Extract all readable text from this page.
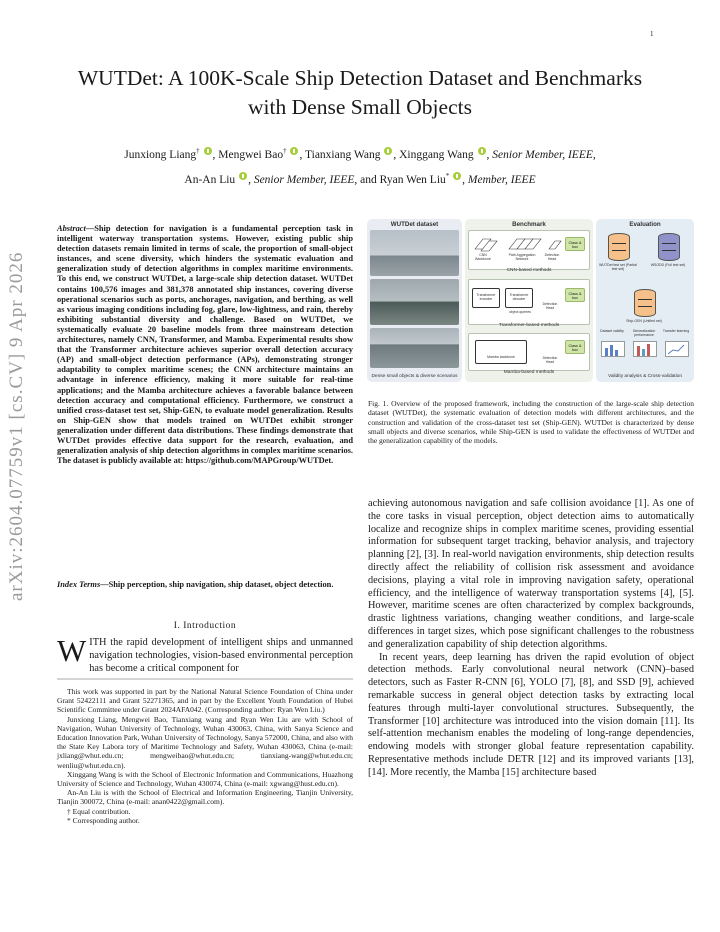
1
arXiv:2604.07759v1 [cs.CV] 9 Apr 2026
WUTDet: A 100K-Scale Ship Detection Dataset and Benchmarks
with Dense Small Objects
Junxiong Liang† , Mengwei Bao† , Tianxiang Wang , Xinggang Wang , Senior Member, IEEE,
An-An Liu , Senior Member, IEEE, and Ryan Wen Liu* , Member, IEEE
Abstract—Ship detection for navigation is a fundamental perception task in intelligent waterway transportation systems. However, existing public ship detection datasets remain limited in terms of scale, the proportion of small-object instances, and scene diversity, which hinders the systematic evaluation and generalization study of detection algorithms in complex maritime environments. To this end, we construct WUTDet, a large-scale ship detection dataset. WUTDet contains 100,576 images and 381,378 annotated ship instances, covering diverse operational scenarios such as ports, anchorages, navigation, and berthing, as well as various imaging conditions including fog, glare, low-lightness, and rain, thereby exhibiting substantial diversity and challenge. Based on WUTDet, we systematically evaluate 20 baseline models from three mainstream detection architectures, namely CNN, Transformer, and Mamba. Experimental results show that the Transformer architecture achieves superior overall detection accuracy (AP) and small-object detection performance (APs), demonstrating stronger adaptability to complex maritime scenes; the CNN architecture maintains an advantage in inference efficiency, making it more suitable for real-time applications; and the Mamba architecture achieves a favorable balance between detection accuracy and computational efficiency. Furthermore, we construct a unified cross-dataset test set, Ship-GEN, to evaluate model generalization. Results on Ship-GEN show that models trained on WUTDet exhibit stronger generalization under different data distributions. These findings demonstrate that WUTDet provides effective data support for the research, evaluation, and generalization analysis of ship detection algorithms in complex maritime scenarios. The dataset is publicly available at: https://github.com/MAPGroup/WUTDet.
Index Terms—Ship perception, ship navigation, ship dataset, object detection.
I. Introduction
WITH the rapid development of intelligent ships and unmanned navigation technologies, vision-based environmental perception has become a critical component for

This work was supported in part by the National Natural Science Foundation of China under Grant 52422111 and Grant 52271365, and in part by the Excellent Youth Foundation of Hubei Scientific Committee under Grant 2024AFA042. (Corresponding author: Ryan Wen Liu.)

Junxiong Liang, Mengwei Bao, Tianxiang wang and Ryan Wen Liu are with School of Navigation, Wuhan University of Technology, Wuhan 430063, China, with Sanya Science and Education Innovation Park, Wuhan University of Technology, Sanya 572000, China, and also with the State Key Labora tory of Maritime Technology and Safety, Wuhan 430063, China (e-mail: jxliang@whut.edu.cn; mengweibao@whut.edu.cn; tianxiang-wang@whut.edu.cn; wenliu@whut.edu.cn).

Xinggang Wang is with the School of Electronic Information and Communications, Huazhong University of Science and Technology, Wuhan 430074, China (e-mail: xgwang@hust.edu.cn).

An-An Liu is with the School of Electrical and Information Engineering, Tianjin University, Tianjin 300072, China (e-mail: anan0422@gmail.com).

† Equal contribution.

* Corresponding author.

WUTDet dataset
Dense small objects & diverse scenarios
Benchmark
CNN Backbone
Path Aggregation Network
Detection Head
Class & box
CNN-based methods
Transformer encoder
Transformer decoder
object queries
Detection Head
Class & box
Transformer-based methods
Mamba backbone	Detection Head
Class & box
Mamba-based methods
Evaluation
WUTDet test set (Partial test set)
WSODD (Full test set)
Ship-GEN (Unified set)
Dataset validity	Generalization performance
Transfer learning
Validity analysis & Cross-validation
Fig. 1. Overview of the proposed framework, including the construction of the large-scale ship detection dataset (WUTDet), the systematic evaluation of detection models with different architectures, and the construction and validation of the cross-dataset test set (Ship-GEN). WUTDet is characterized by dense small objects and diverse scenarios, while Ship-GEN is used to validate the effectiveness of WUTDet and the generalization capability of the models.

achieving autonomous navigation and safe collision avoidance [1]. As one of the core tasks in visual perception, object detection aims to automatically localize and recognize ships in complex maritime scenes, providing essential information for subsequent target tracking, behavior analysis, and trajectory planning [2], [3]. In real-world navigation environments, ship detection results directly affect the reliability of collision risk assessment and avoidance decisions, playing a vital role in improving navigation safety, operational efficiency, and the intelligence of waterway transportation systems [4], [5]. However, maritime scenes are often characterized by complex backgrounds, drastic lightness variations, changing weather conditions, and large-scale differences in target sizes, which pose significant challenges to the robustness and generalization capability of ship detection algorithms.

In recent years, deep learning has driven the rapid evolution of object detection methods. Early convolutional neural network (CNN)–based detectors, such as Faster R-CNN [6], YOLO [7], [8], and SSD [9], achieved remarkable success in general object detection tasks by extracting local features through multi-layer convolutional structures. Subsequently, the Transformer [10] architecture was introduced into the vision domain [11]. Its self-attention mechanism enables the modeling of long-range dependencies, endowing models with stronger global feature representation capability. Representative methods include DETR [12] and its improved variants [13], [14]. More recently, the Mamba [15] architecture based
